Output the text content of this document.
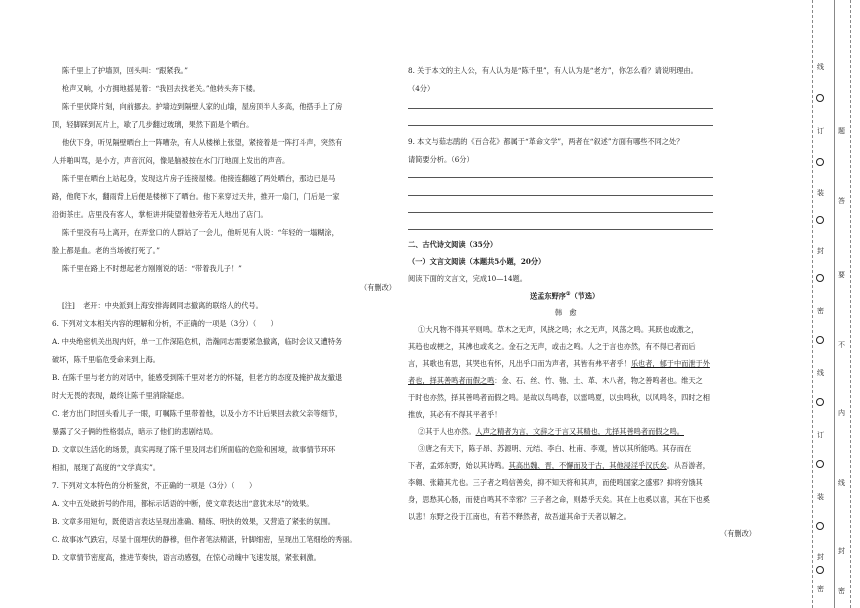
陈千里上了护墙顶，回头叫：“跟紧我。”
枪声又响，小方拥地摇晃着：“我回去找老关。”他转头奔下楼。
陈千里伏降片刻，向前挪去。护墙边到隔壁人家的山墙，屋房顶半人多高，他搭手上了房
顶，轻脚踩到瓦片上，歇了几步翻过玻璃，果然下面是个晒台。
他伏下身，听见隔壁晒台上一阵嘈杂，有人从楼梯上张望，紧接着是一阵打斗声，突然有
人并啪叫骂，是小方，声音沉闷，像是脑被按在水门汀地面上发出的声音。
陈千里在晒台上站起身，发现这片房子连接屋楼。他接连翻越了两处晒台，那边已是马
路，他爬下水，翻雨背上后便是楼梯下了晒台。他下来穿过天井，推开一扇门，门后是一家
沿街茶庄。店里没有客人，掌柜讲并陡望着他旁若无人地出了店门。
陈千里没有马上离开，在弄堂口的人群站了一会儿，他听见有人说：“年轻的一塌糊涂，
脸上都是血。老的当场被打死了。”
陈千里在路上不时想起老方刚刚说的话：“带着我儿子！”
（有删改）
[注] 老开：中央派到上海安排海阔同志撤离的联络人的代号。
6. 下列对文本相关内容的理解和分析，不正确的一项是（3分）（　　）
A. 中央绝密机关出现内奸，单一工作深陷危机，浩瀚同志需要紧急撤离，临时会议又遭特务
破坏，陈千里临危受命来到上海。
B. 在陈千里与老方的对话中，能感受到陈千里对老方的怀疑，但老方的态度及掩护战友撤退
时大无畏的表现，最终让陈千里消除疑虑。
C. 老方出门时回头看儿子一眼，叮嘱陈千里带着他，以及小方不计后果回去救父亲等细节，
暴露了父子俩的性格弱点，暗示了他们的悲剧结局。
D. 文章以生活化的场景，真实再现了陈千里及同志们所面临的危险和困境，故事情节环环
相扣，展现了高度的“文学真实”。
7. 下列对文本特色的分析鉴赏，不正确的一项是（3分）（　　）
A. 文中五处破折号的作用，都标示话语的中断，使文章表达出“意犹未尽”的效果。
B. 文章多用短句，既使语言表达呈现出准确、精练、明快的效果，又营造了紧张的氛围。
C. 故事冰气跌宕，尽显十面埋伏的静穆，但作者笔法精湛，针脚细密，呈现出工笔细绘的秀丽。
D. 文章情节密度高，推进节奏快，语言动感强，在惊心动魄中飞速发展，紧张刺激。
8. 关于本文的主人公，有人认为是“陈千里”，有人认为是“老方”，你怎么看？请说明理由。
（4分）
9. 本文与茹志鹃的《百合花》都属于“革命文学”，两者在“叙述”方面有哪些不同之处？
请简要分析。（6分）
二、古代诗文阅读（35分）
（一）文言文阅读（本题共5小题，20分）
阅读下面的文言文，完成10—14题。
送孟东野序①（节选）
韩　愈
①大凡物不得其平则鸣。草木之无声，风挠之鸣；水之无声，风荡之鸣。其跃也或激之，
其趋也或梗之，其沸也或炙之。金石之无声，或击之鸣。人之于言也亦然，有不得已者而后
言，其歌也有思，其哭也有怀，凡出乎口而为声者，其皆有弗平者乎！乐也者，郁于中而泄于外
者也，择其善鸣者而假之鸣：金、石、丝、竹、匏、土、革、木八者，物之善鸣者也。维天之
于时也亦然，择其善鸣者而假之鸣。是故以鸟鸣春，以雷鸣夏，以虫鸣秋，以风鸣冬，四时之相
推放，其必有不得其平者乎！
②其于人也亦然。人声之精者为言，文辞之于言又其精也，尤择其善鸣者而假之鸣。
③唐之有天下，陈子昂、苏源明、元结、李白、杜甫、李观，皆以其所能鸣。其存而在
下者，孟郊东野，始以其诗鸣。其高出魏、晋，不懈而及于古，其他浸淫乎汉氏矣。从吾游者，
李翱、张籍其尤也。三子者之鸣信善矣，抑不知天将和其声，而使鸣国家之盛邪？抑将穷饿其
身，思愁其心肠，而使自鸣其不幸邪？三子者之命，则悬乎天矣。其在上也奚以喜，其在下也奚
以悲！东野之役于江南也，有若不释然者，故吾道其命于天者以解之。
（有删改）
线
订
装
封
密
线
订
装
封
密
题
答
要
不
内
线
封
密
